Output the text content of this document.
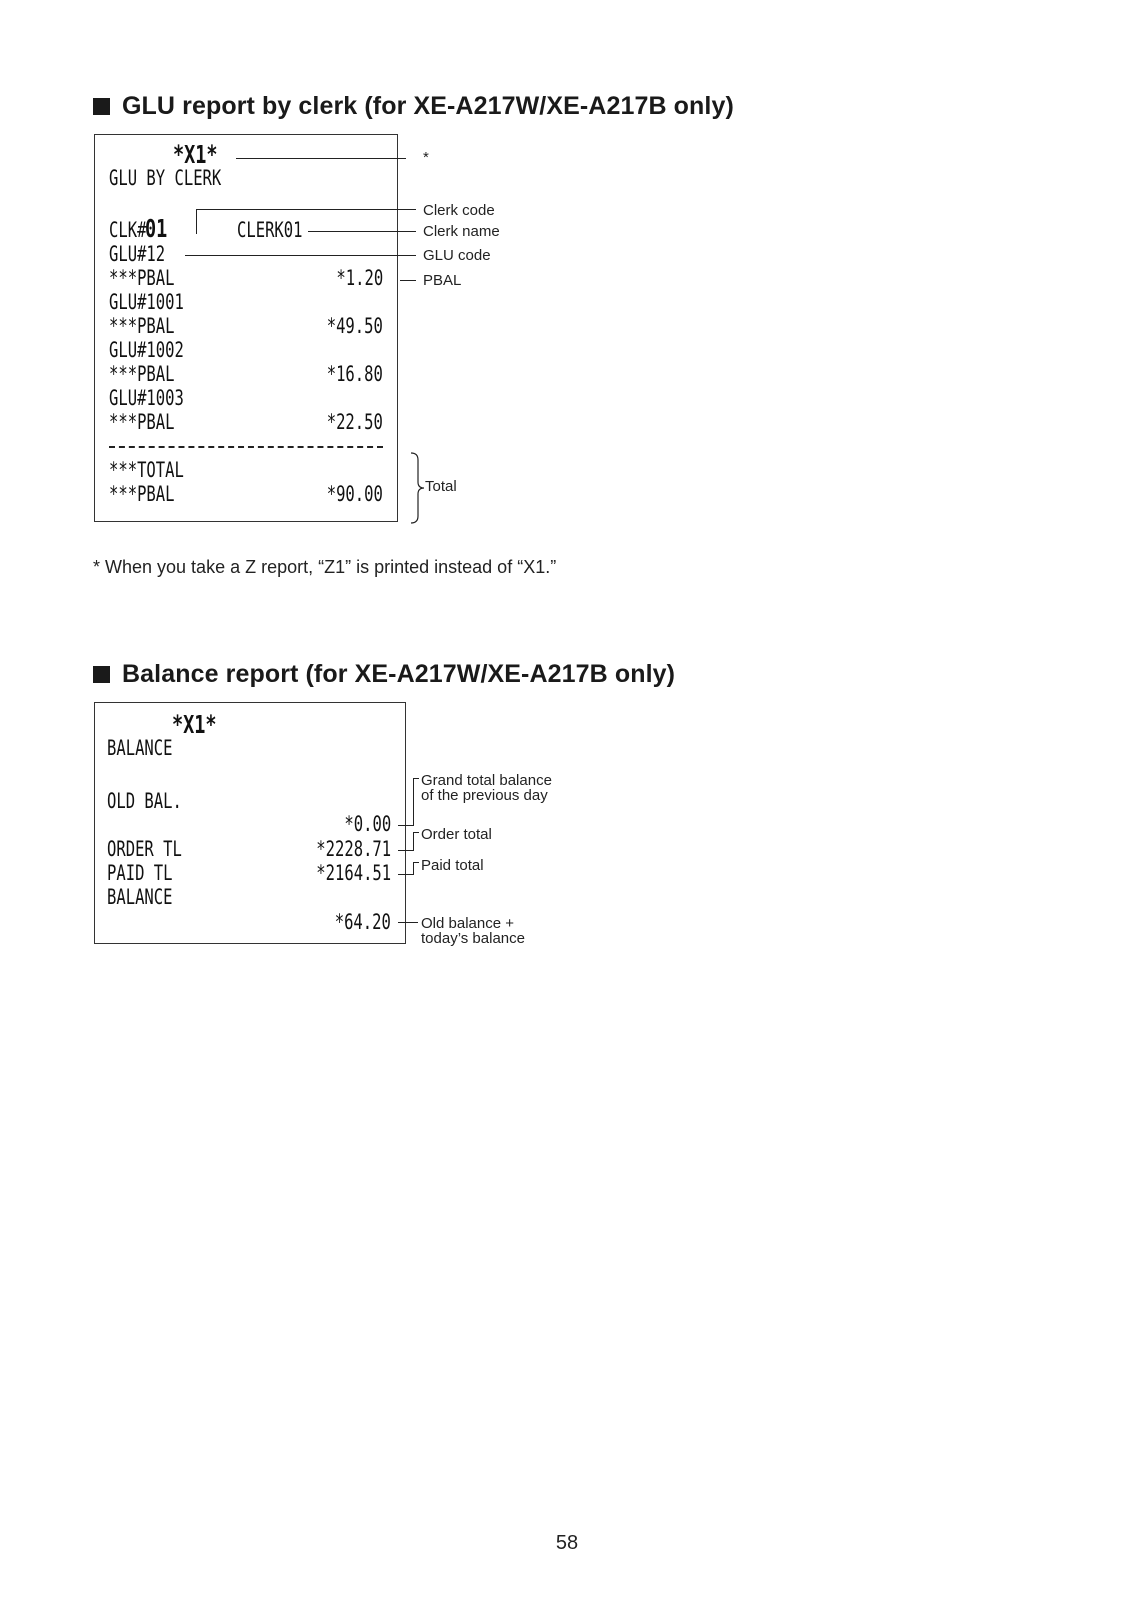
GLU report by clerk (for XE-A217W/XE-A217B only)
*X1*
GLU BY CLERK
CLK#
01	CLERK01
GLU#12
***PBAL	*1.20
GLU#1001
***PBAL	*49.50
GLU#1002
***PBAL	*16.80
GLU#1003
***PBAL	*22.50
***TOTAL
***PBAL	*90.00
*
Clerk code
Clerk name
GLU code
PBAL
Total
* When you take a Z report, “Z1” is printed instead of “X1.”
Balance report (for XE-A217W/XE-A217B only)
*X1*
BALANCE
OLD BAL.
*0.00
ORDER TL	*2228.71
PAID TL	*2164.51
BALANCE
*64.20
Grand total balance
of the previous day
Order total
Paid total
Old balance +
today’s balance
58
